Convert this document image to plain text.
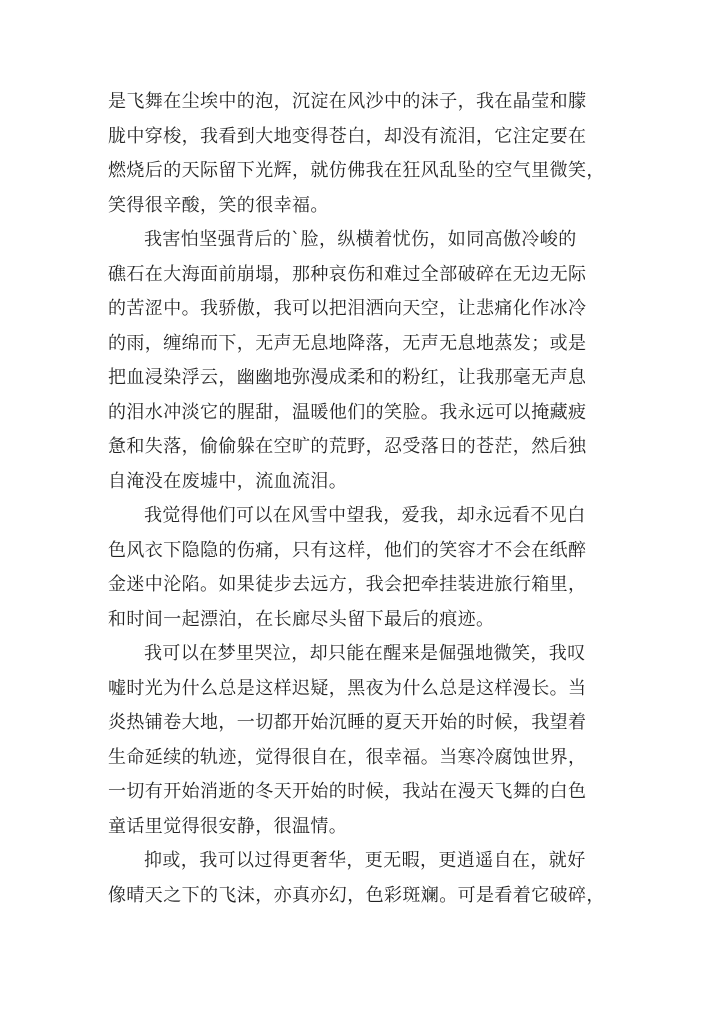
是飞舞在尘埃中的泡，沉淀在风沙中的沫子，我在晶莹和朦
胧中穿梭，我看到大地变得苍白，却没有流泪，它注定要在
燃烧后的天际留下光辉，就仿佛我在狂风乱坠的空气里微笑，
笑得很辛酸，笑的很幸福。
我害怕坚强背后的`脸，纵横着忧伤，如同高傲冷峻的
礁石在大海面前崩塌，那种哀伤和难过全部破碎在无边无际
的苦涩中。我骄傲，我可以把泪洒向天空，让悲痛化作冰冷
的雨，缠绵而下，无声无息地降落，无声无息地蒸发；或是
把血浸染浮云，幽幽地弥漫成柔和的粉红，让我那毫无声息
的泪水冲淡它的腥甜，温暖他们的笑脸。我永远可以掩藏疲
惫和失落，偷偷躲在空旷的荒野，忍受落日的苍茫，然后独
自淹没在废墟中，流血流泪。
我觉得他们可以在风雪中望我，爱我，却永远看不见白
色风衣下隐隐的伤痛，只有这样，他们的笑容才不会在纸醉
金迷中沦陷。如果徒步去远方，我会把牵挂装进旅行箱里，
和时间一起漂泊，在长廊尽头留下最后的痕迹。
我可以在梦里哭泣，却只能在醒来是倔强地微笑，我叹
嘘时光为什么总是这样迟疑，黑夜为什么总是这样漫长。当
炎热铺卷大地，一切都开始沉睡的夏天开始的时候，我望着
生命延续的轨迹，觉得很自在，很幸福。当寒冷腐蚀世界，
一切有开始消逝的冬天开始的时候，我站在漫天飞舞的白色
童话里觉得很安静，很温情。
抑或，我可以过得更奢华，更无暇，更逍遥自在，就好
像晴天之下的飞沫，亦真亦幻，色彩斑斓。可是看着它破碎，
